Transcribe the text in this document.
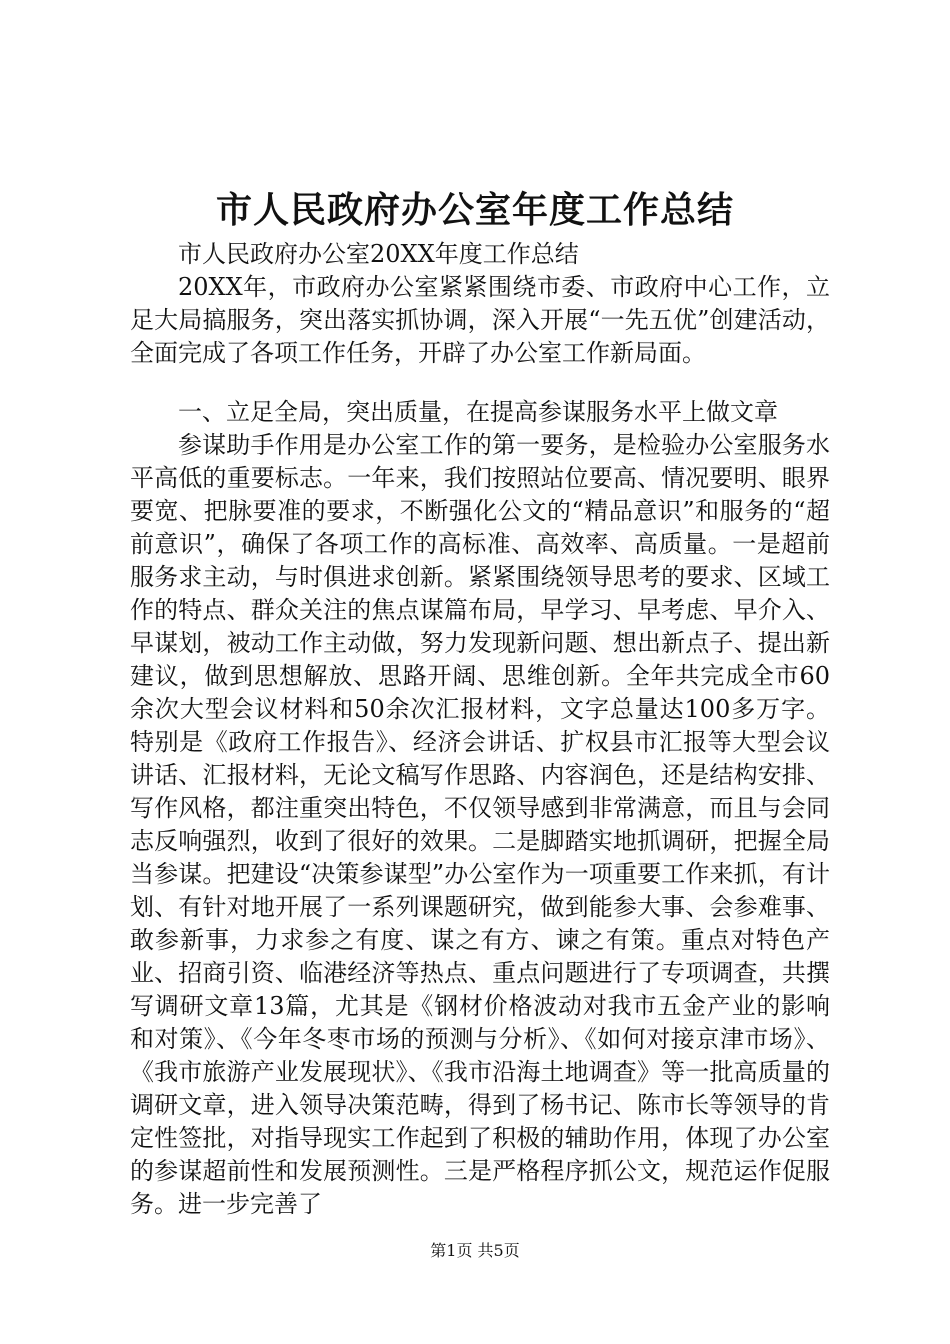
市人民政府办公室年度工作总结

市人民政府办公室20XX年度工作总结

20XX年，市政府办公室紧紧围绕市委、市政府中心工作，立足大局搞服务，突出落实抓协调，深入开展“一先五优”创建活动，全面完成了各项工作任务，开辟了办公室工作新局面。

一、立足全局，突出质量，在提高参谋服务水平上做文章

参谋助手作用是办公室工作的第一要务，是检验办公室服务水平高低的重要标志。一年来，我们按照站位要高、情况要明、眼界要宽、把脉要准的要求，不断强化公文的“精品意识”和服务的“超前意识”，确保了各项工作的高标准、高效率、高质量。一是超前服务求主动，与时俱进求创新。紧紧围绕领导思考的要求、区域工作的特点、群众关注的焦点谋篇布局，早学习、早考虑、早介入、早谋划，被动工作主动做，努力发现新问题、想出新点子、提出新建议，做到思想解放、思路开阔、思维创新。全年共完成全市60余次大型会议材料和50余次汇报材料，文字总量达100多万字。特别是《政府工作报告》、经济会讲话、扩权县市汇报等大型会议讲话、汇报材料，无论文稿写作思路、内容润色，还是结构安排、写作风格，都注重突出特色，不仅领导感到非常满意，而且与会同志反响强烈，收到了很好的效果。二是脚踏实地抓调研，把握全局当参谋。把建设“决策参谋型”办公室作为一项重要工作来抓，有计划、有针对地开展了一系列课题研究，做到能参大事、会参难事、敢参新事，力求参之有度、谋之有方、谏之有策。重点对特色产业、招商引资、临港经济等热点、重点问题进行了专项调查，共撰写调研文章13篇，尤其是《钢材价格波动对我市五金产业的影响和对策》、《今年冬枣市场的预测与分析》、《如何对接京津市场》、《我市旅游产业发展现状》、《我市沿海土地调查》等一批高质量的调研文章，进入领导决策范畴，得到了杨书记、陈市长等领导的肯定性签批，对指导现实工作起到了积极的辅助作用，体现了办公室的参谋超前性和发展预测性。三是严格程序抓公文，规范运作促服务。进一步完善了

第1页 共5页
